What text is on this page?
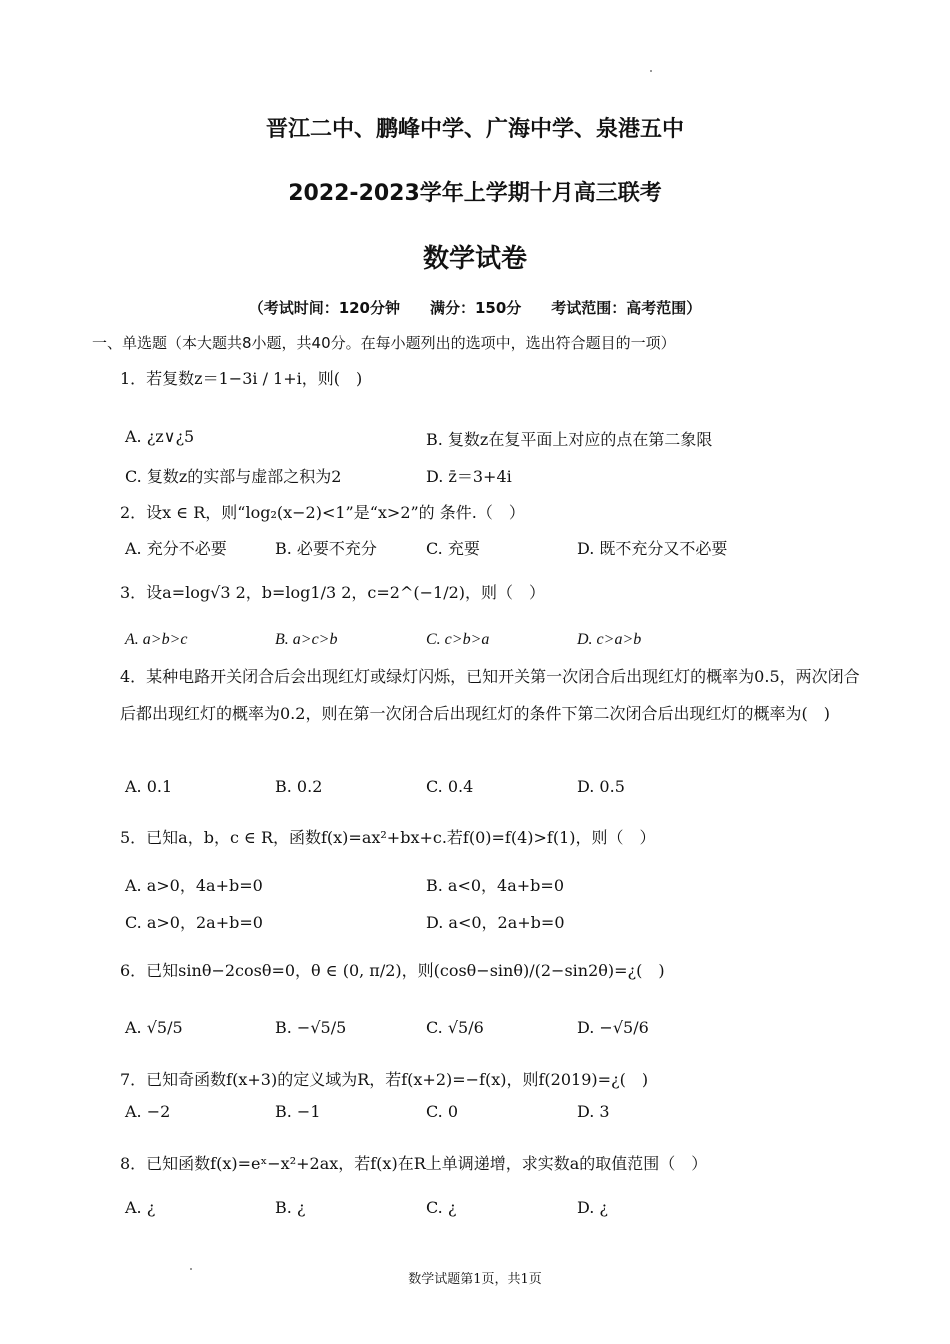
晋江二中、鹏峰中学、广海中学、泉港五中
2022-2023学年上学期十月高三联考
数学试卷
（考试时间：120分钟　　满分：150分　　考试范围：高考范围）
一、单选题（本大题共8小题，共40分。在每小题列出的选项中，选出符合题目的一项）
1．若复数z＝1−3i / 1+i，则(　)
A. ¿z∨¿5	B. 复数z在复平面上对应的点在第二象限
C. 复数z的实部与虚部之积为2	D. z̄＝3+4i
2．设x ∈ R，则“log₂(x−2)<1”是“x>2”的 条件.（　）
A. 充分不必要	B. 必要不充分	C. 充要	D. 既不充分又不必要
3．设a=log√3 2，b=log1/3 2，c=2^(−1/2)，则（　）
A. a>b>c	B. a>c>b	C. c>b>a	D. c>a>b
4．某种电路开关闭合后会出现红灯或绿灯闪烁，已知开关第一次闭合后出现红灯的概率为0.5，两次闭合后都出现红灯的概率为0.2，则在第一次闭合后出现红灯的条件下第二次闭合后出现红灯的概率为(　)
A. 0.1	B. 0.2	C. 0.4	D. 0.5
5．已知a，b，c ∈ R，函数f(x)=ax²+bx+c.若f(0)=f(4)>f(1)，则（　）
A. a>0，4a+b=0	B. a<0，4a+b=0
C. a>0，2a+b=0	D. a<0，2a+b=0
6．已知sinθ−2cosθ=0，θ ∈ (0, π/2)，则(cosθ−sinθ)/(2−sin2θ)=¿(　)
A. √5/5	B. −√5/5	C. √5/6	D. −√5/6
7．已知奇函数f(x+3)的定义域为R，若f(x+2)=−f(x)，则f(2019)=¿(　)
A. −2	B. −1	C. 0	D. 3
8．已知函数f(x)=eˣ−x²+2ax，若f(x)在R上单调递增，求实数a的取值范围（　）
A. ¿	B. ¿	C. ¿	D. ¿
数学试题第1页，共1页
